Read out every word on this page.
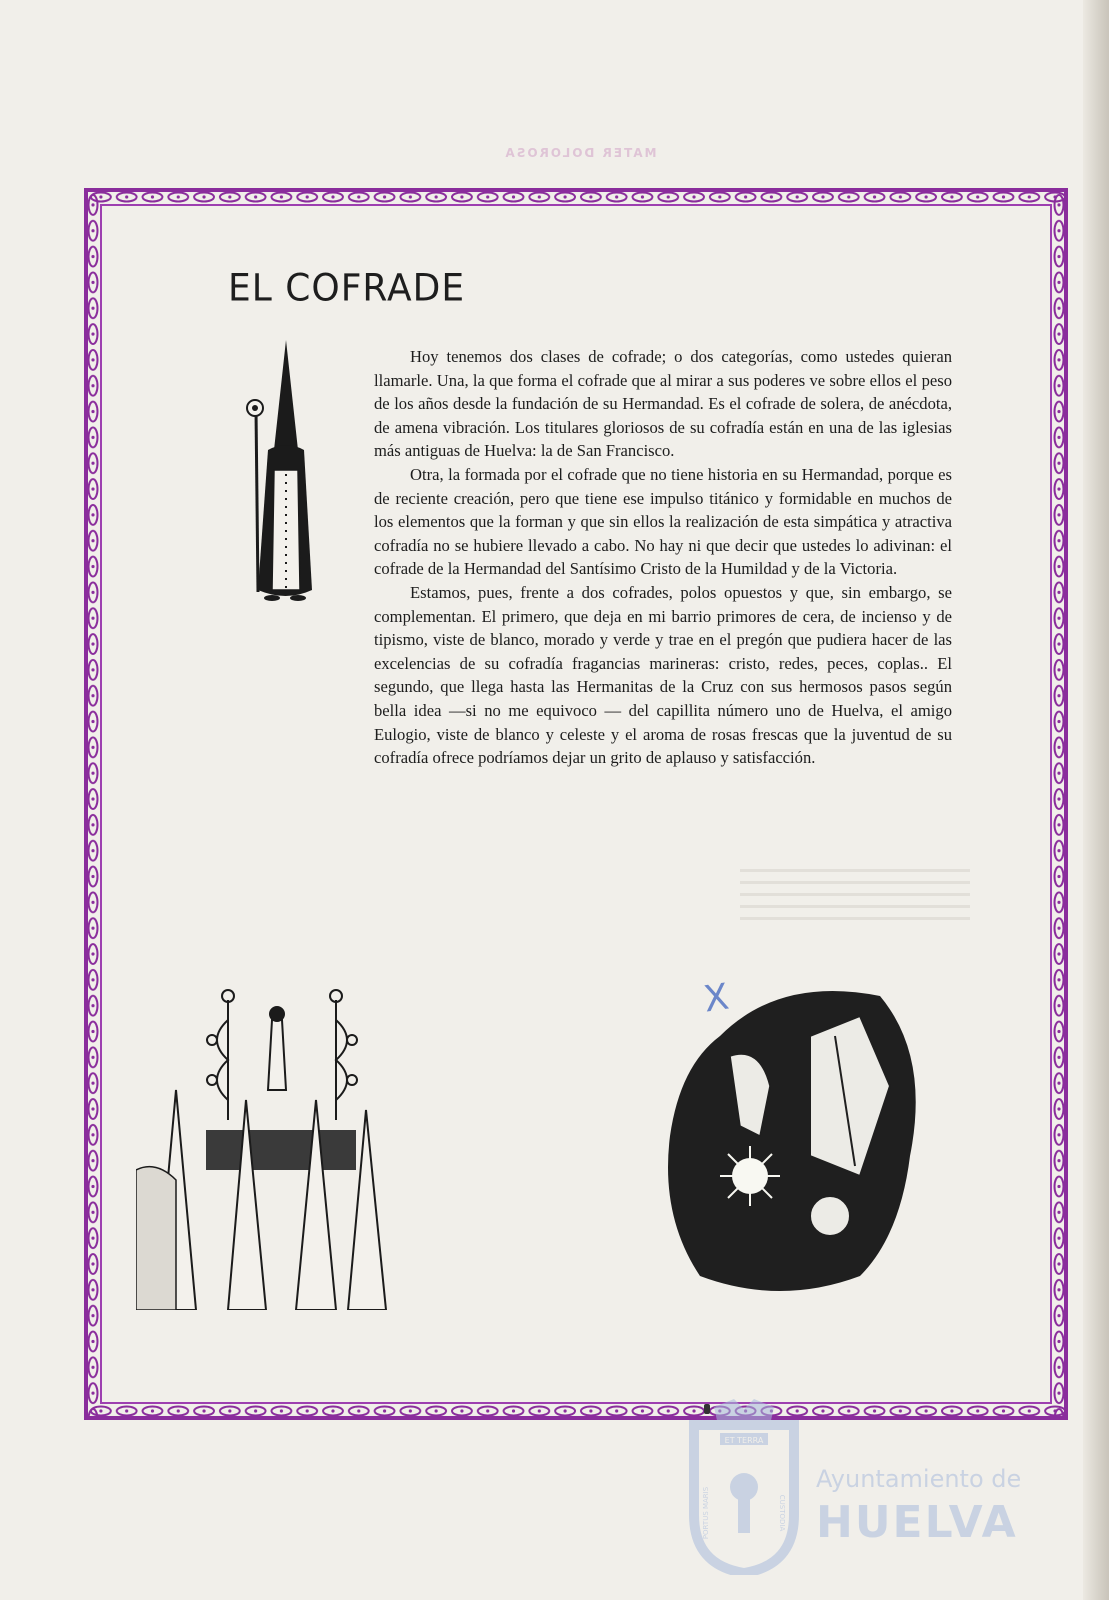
MATER DOLOROSA
EL COFRADE

Hoy tenemos dos clases de cofrade; o dos categorías, como ustedes quieran llamarle. Una, la que forma el cofrade que al mirar a sus poderes ve sobre ellos el peso de los años desde la fundación de su Hermandad. Es el cofrade de solera, de anécdota, de amena vibración. Los titulares gloriosos de su cofradía están en una de las iglesias más antiguas de Huelva: la de San Francisco.

Otra, la formada por el cofrade que no tiene historia en su Hermandad, porque es de reciente creación, pero que tiene ese impulso titánico y formidable en muchos de los elementos que la forman y que sin ellos la realización de esta simpática y atractiva cofradía no se hubiere llevado a cabo. No hay ni que decir que ustedes lo adivinan: el cofrade de la Hermandad del Santísimo Cristo de la Humildad y de la Victoria.

Estamos, pues, frente a dos cofrades, polos opuestos y que, sin embargo, se complementan. El primero, que deja en mi barrio primores de cera, de incienso y de tipismo, viste de blanco, morado y verde y trae en el pregón que pudiera hacer de las excelencias de su cofradía fragancias marineras: cristo, redes, peces, coplas.. El segundo, que llega hasta las Hermanitas de la Cruz con sus hermosos pasos según bella idea —si no me equivoco — del capillita número uno de Huelva, el amigo Eulogio, viste de blanco y celeste y el aroma de rosas frescas que la juventud de su cofradía ofrece podríamos dejar un grito de aplauso y satisfacción.

X
ET TERRA
PORTUS MARIS	CUSTODIA
Ayuntamiento de
HUELVA
